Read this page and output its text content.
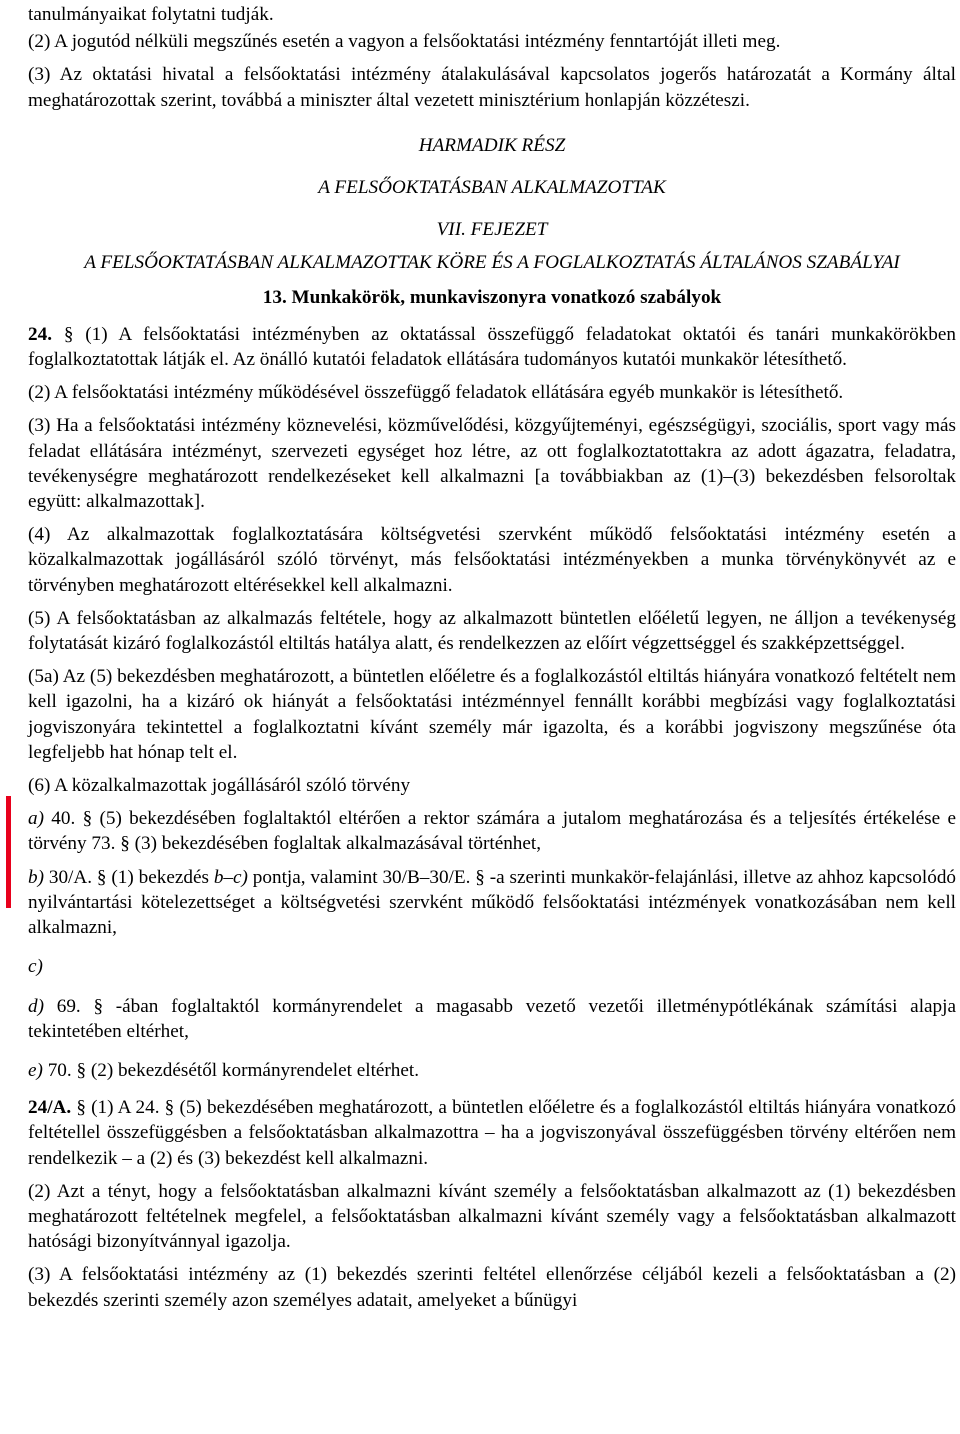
tanulmányaikat folytatni tudják.

(2) A jogutód nélküli megszűnés esetén a vagyon a felsőoktatási intézmény fenntartóját illeti meg.

(3) Az oktatási hivatal a felsőoktatási intézmény átalakulásával kapcsolatos jogerős határozatát a Kormány által meghatározottak szerint, továbbá a miniszter által vezetett minisztérium honlapján közzéteszi.

HARMADIK RÉSZ

A FELSŐOKTATÁSBAN ALKALMAZOTTAK

VII. FEJEZET

A FELSŐOKTATÁSBAN ALKALMAZOTTAK KÖRE ÉS A FOGLALKOZTATÁS ÁLTALÁNOS SZABÁLYAI

13. Munkakörök, munkaviszonyra vonatkozó szabályok

24. § (1) A felsőoktatási intézményben az oktatással összefüggő feladatokat oktatói és tanári munkakörökben foglalkoztatottak látják el. Az önálló kutatói feladatok ellátására tudományos kutatói munkakör létesíthető.

(2) A felsőoktatási intézmény működésével összefüggő feladatok ellátására egyéb munkakör is létesíthető.

(3) Ha a felsőoktatási intézmény köznevelési, közművelődési, közgyűjteményi, egészségügyi, szociális, sport vagy más feladat ellátására intézményt, szervezeti egységet hoz létre, az ott foglalkoztatottakra az adott ágazatra, feladatra, tevékenységre meghatározott rendelkezéseket kell alkalmazni [a továbbiakban az (1)–(3) bekezdésben felsoroltak együtt: alkalmazottak].

(4) Az alkalmazottak foglalkoztatására költségvetési szervként működő felsőoktatási intézmény esetén a közalkalmazottak jogállásáról szóló törvényt, más felsőoktatási intézményekben a munka törvénykönyvét az e törvényben meghatározott eltérésekkel kell alkalmazni.

(5) A felsőoktatásban az alkalmazás feltétele, hogy az alkalmazott büntetlen előéletű legyen, ne álljon a tevékenység folytatását kizáró foglalkozástól eltiltás hatálya alatt, és rendelkezzen az előírt végzettséggel és szakképzettséggel.

(5a) Az (5) bekezdésben meghatározott, a büntetlen előéletre és a foglalkozástól eltiltás hiányára vonatkozó feltételt nem kell igazolni, ha a kizáró ok hiányát a felsőoktatási intézménnyel fennállt korábbi megbízási vagy foglalkoztatási jogviszonyára tekintettel a foglalkoztatni kívánt személy már igazolta, és a korábbi jogviszony megszűnése óta legfeljebb hat hónap telt el.

(6) A közalkalmazottak jogállásáról szóló törvény

a) 40. § (5) bekezdésében foglaltaktól eltérően a rektor számára a jutalom meghatározása és a teljesítés értékelése e törvény 73. § (3) bekezdésében foglaltak alkalmazásával történhet,

b) 30/A. § (1) bekezdés b–c) pontja, valamint 30/B–30/E. § -a szerinti munkakör-felajánlási, illetve az ahhoz kapcsolódó nyilvántartási kötelezettséget a költségvetési szervként működő felsőoktatási intézmények vonatkozásában nem kell alkalmazni,

c)

d) 69. § -ában foglaltaktól kormányrendelet a magasabb vezető vezetői illetménypótlékának számítási alapja tekintetében eltérhet,

e) 70. § (2) bekezdésétől kormányrendelet eltérhet.

24/A. § (1) A 24. § (5) bekezdésében meghatározott, a büntetlen előéletre és a foglalkozástól eltiltás hiányára vonatkozó feltétellel összefüggésben a felsőoktatásban alkalmazottra – ha a jogviszonyával összefüggésben törvény eltérően nem rendelkezik – a (2) és (3) bekezdést kell alkalmazni.

(2) Azt a tényt, hogy a felsőoktatásban alkalmazni kívánt személy a felsőoktatásban alkalmazott az (1) bekezdésben meghatározott feltételnek megfelel, a felsőoktatásban alkalmazni kívánt személy vagy a felsőoktatásban alkalmazott hatósági bizonyítvánnyal igazolja.

(3) A felsőoktatási intézmény az (1) bekezdés szerinti feltétel ellenőrzése céljából kezeli a felsőoktatásban a (2) bekezdés szerinti személy azon személyes adatait, amelyeket a bűnügyi
